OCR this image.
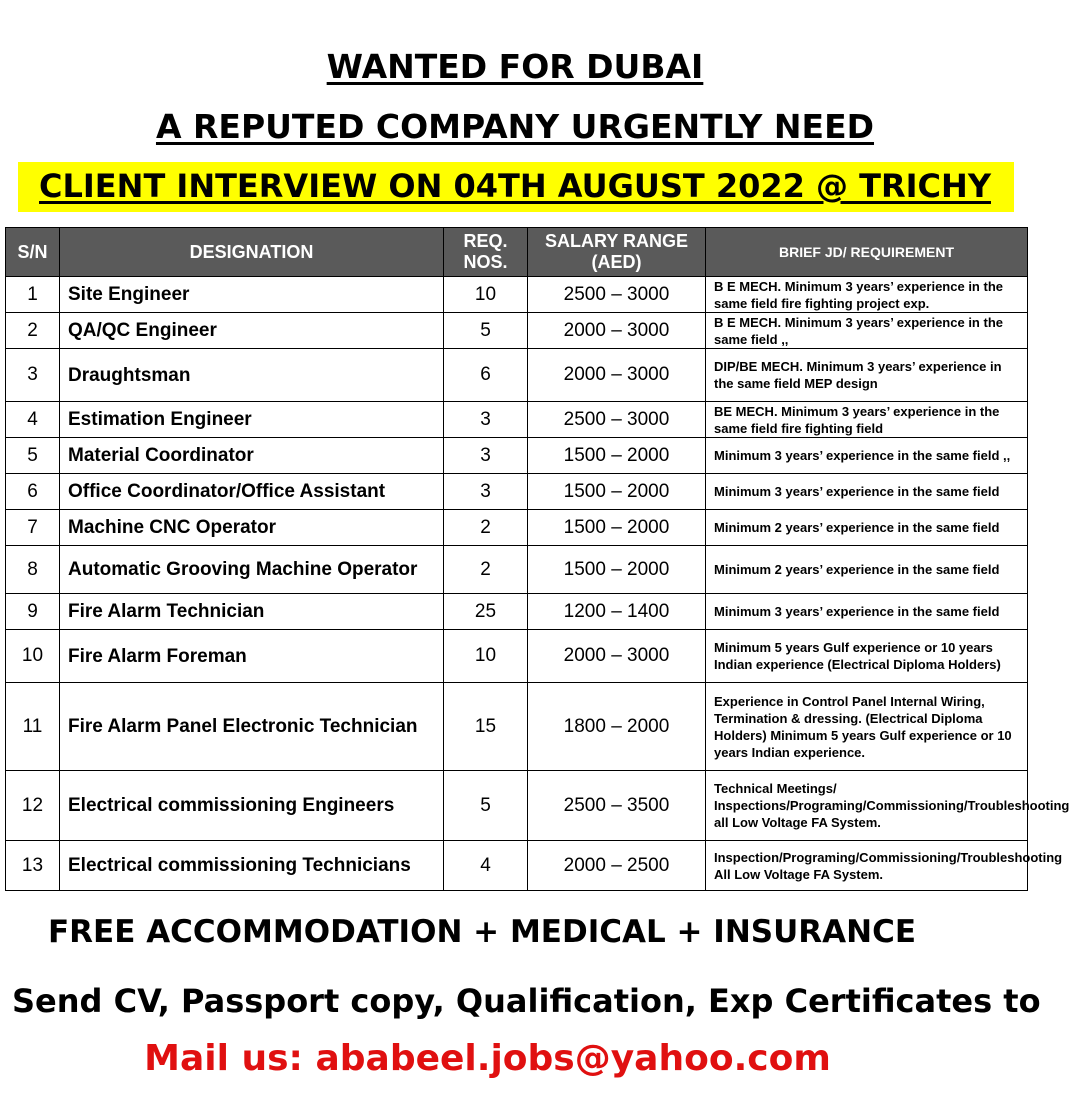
WANTED FOR DUBAI
A REPUTED COMPANY URGENTLY NEED
CLIENT INTERVIEW ON 04TH AUGUST 2022 @ TRICHY
S/N	DESIGNATION	REQ. NOS.	SALARY RANGE (AED)	BRIEF JD/ REQUIREMENT
1	Site Engineer	10	2500 – 3000	B E MECH. Minimum 3 years’ experience in the same field fire fighting project exp.
2	QA/QC Engineer	5	2000 – 3000	B E MECH. Minimum 3 years’ experience in the same field ,,
3	Draughtsman	6	2000 – 3000	DIP/BE MECH. Minimum 3 years’ experience in the same field MEP design
4	Estimation Engineer	3	2500 – 3000	BE MECH. Minimum 3 years’ experience in the same field fire fighting field
5	Material Coordinator	3	1500 – 2000	Minimum 3 years’ experience in the same field ,,
6	Office Coordinator/Office Assistant	3	1500 – 2000	Minimum 3 years’ experience in the same field
7	Machine CNC Operator	2	1500 – 2000	Minimum 2 years’ experience in the same field
8	Automatic Grooving Machine Operator	2	1500 – 2000	Minimum 2 years’ experience in the same field
9	Fire Alarm Technician	25	1200 – 1400	Minimum 3 years’ experience in the same field
10	Fire Alarm Foreman	10	2000 – 3000	Minimum 5 years Gulf experience or 10 years Indian experience (Electrical Diploma Holders)
11	Fire Alarm Panel Electronic Technician	15	1800 – 2000	Experience in Control Panel Internal Wiring, Termination & dressing. (Electrical Diploma Holders) Minimum 5 years Gulf experience or 10 years Indian experience.
12	Electrical commissioning Engineers	5	2500 – 3500	Technical Meetings/ Inspections/Programing/Commissioning/Troubleshooting all Low Voltage FA System.
13	Electrical commissioning Technicians	4	2000 – 2500	Inspection/Programing/Commissioning/Troubleshooting All Low Voltage FA System.
FREE ACCOMMODATION + MEDICAL + INSURANCE
Send CV, Passport copy, Qualification, Exp Certificates to
Mail us: ababeel.jobs@yahoo.com
